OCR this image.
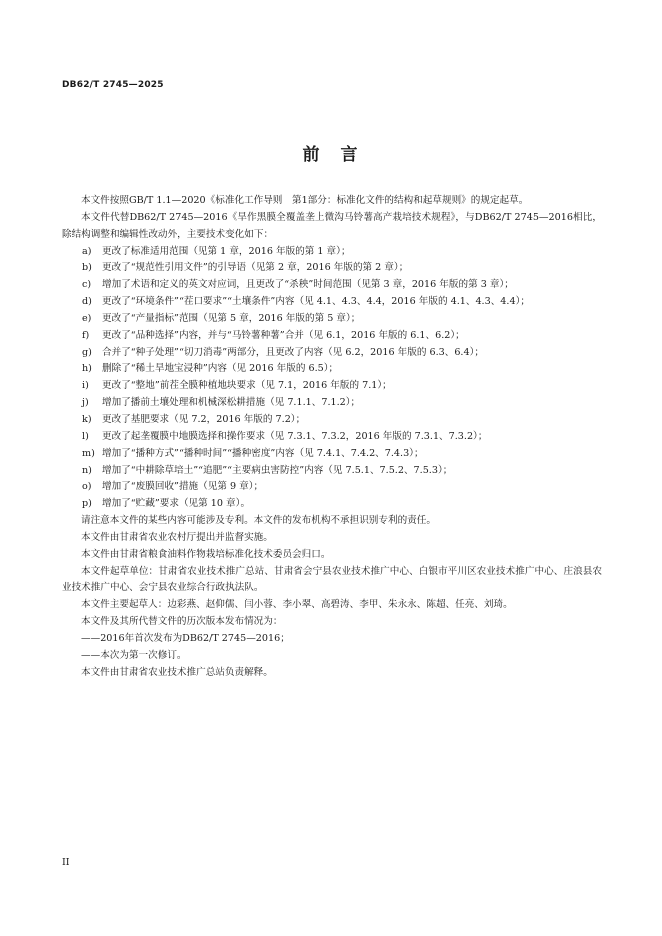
DB62/T 2745—2025
前　言

本文件按照GB/T 1.1—2020《标准化工作导则　第1部分：标准化文件的结构和起草规则》的规定起草。

本文件代替DB62/T 2745—2016《旱作黑膜全覆盖垄上微沟马铃薯高产栽培技术规程》，与DB62/T 2745—2016相比，除结构调整和编辑性改动外，主要技术变化如下：

a) 更改了标准适用范围（见第 1 章，2016 年版的第 1 章）；

b) 更改了“规范性引用文件”的引导语（见第 2 章，2016 年版的第 2 章）；

c) 增加了术语和定义的英文对应词，且更改了“杀秧”时间范围（见第 3 章，2016 年版的第 3 章）；

d) 更改了“环境条件”“茬口要求”“土壤条件”内容（见 4.1、4.3、4.4，2016 年版的 4.1、4.3、4.4）；

e) 更改了“产量指标”范围（见第 5 章，2016 年版的第 5 章）；

f) 更改了“品种选择”内容，并与“马铃薯种薯”合并（见 6.1，2016 年版的 6.1、6.2）；

g) 合并了“种子处理”“切刀消毒”两部分，且更改了内容（见 6.2，2016 年版的 6.3、6.4）；

h) 删除了“稀土旱地宝浸种”内容（见 2016 年版的 6.5）；

i) 更改了“整地”前茬全膜种植地块要求（见 7.1，2016 年版的 7.1）；

j) 增加了播前土壤处理和机械深松耕措施（见 7.1.1、7.1.2）；

k) 更改了基肥要求（见 7.2，2016 年版的 7.2）；

l) 更改了起垄覆膜中地膜选择和操作要求（见 7.3.1、7.3.2，2016 年版的 7.3.1、7.3.2）；

m) 增加了“播种方式”“播种时间”“播种密度”内容（见 7.4.1、7.4.2、7.4.3）；

n) 增加了“中耕除草培土”“追肥”“主要病虫害防控”内容（见 7.5.1、7.5.2、7.5.3）；

o) 增加了“废膜回收”措施（见第 9 章）；

p) 增加了“贮藏”要求（见第 10 章）。

请注意本文件的某些内容可能涉及专利。本文件的发布机构不承担识别专利的责任。

本文件由甘肃省农业农村厅提出并监督实施。

本文件由甘肃省粮食油料作物栽培标准化技术委员会归口。

本文件起草单位：甘肃省农业技术推广总站、甘肃省会宁县农业技术推广中心、白银市平川区农业技术推广中心、庄浪县农业技术推广中心、会宁县农业综合行政执法队。

本文件主要起草人：边彩燕、赵仰儒、闫小蓉、李小翠、高碧涛、李甲、朱永永、陈超、任亮、刘琦。

本文件及其所代替文件的历次版本发布情况为：

——2016年首次发布为DB62/T 2745—2016；

——本次为第一次修订。

本文件由甘肃省农业技术推广总站负责解释。

II
